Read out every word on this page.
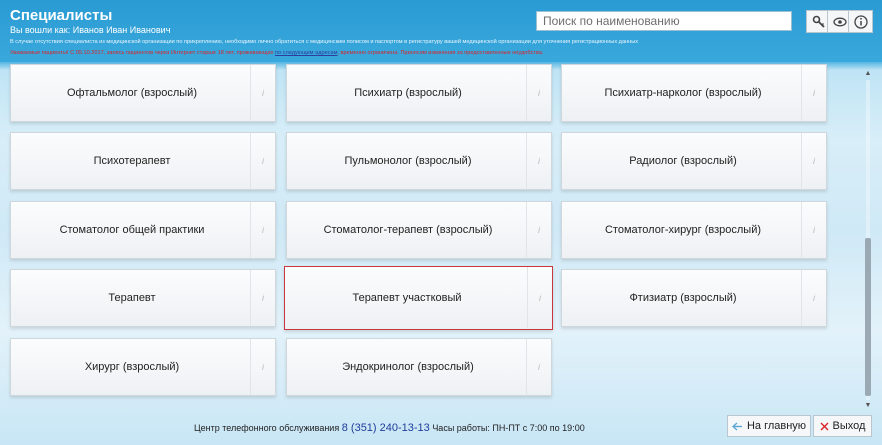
Специалисты
Вы вошли как: Иванов Иван Иванович
В случае отсутствия специалиста из медицинской организации по прикреплению, необходимо лично обратиться с медицинским полисом и паспортом в регистратуру вашей медицинской организации для уточнения регистрационных данных
Уважаемые пациенты! С 05.10.2017, запись пациентов через Интернет старше 18 лет, проживающих по следующим адресам, временно ограничена. Приносим извинения за предоставленные неудобства.
Поиск по наименованию
Офтальмолог (взрослый)	i	Психиатр (взрослый)	i	Психиатр-нарколог (взрослый)	i
Психотерапевт	i	Пульмонолог (взрослый)	i	Радиолог (взрослый)	i
Стоматолог общей практики	i	Стоматолог-терапевт (взрослый)	i	Стоматолог-хирург (взрослый)	i
Терапевт	i	Терапевт участковый	i	Фтизиатр (взрослый)	i
Хирург (взрослый)	i	Эндокринолог (взрослый)	i
▲
▼
Центр телефонного обслуживания 8 (351) 240-13-13 Часы работы: ПН-ПТ с 7:00 по 19:00	На главную Выход
